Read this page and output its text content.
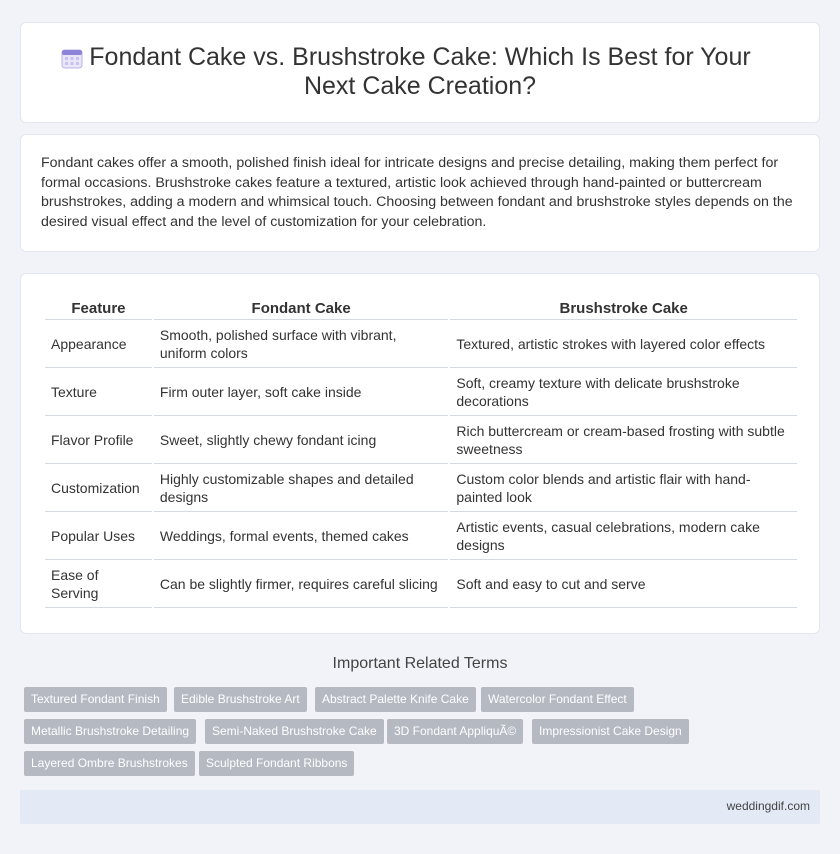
Fondant Cake vs. Brushstroke Cake: Which Is Best for Your Next Cake Creation?

Fondant cakes offer a smooth, polished finish ideal for intricate designs and precise detailing, making them perfect for formal occasions. Brushstroke cakes feature a textured, artistic look achieved through hand-painted or buttercream brushstrokes, adding a modern and whimsical touch. Choosing between fondant and brushstroke styles depends on the desired visual effect and the level of customization for your celebration.

Feature	Fondant Cake	Brushstroke Cake
Appearance	Smooth, polished surface with vibrant, uniform colors	Textured, artistic strokes with layered color effects
Texture	Firm outer layer, soft cake inside	Soft, creamy texture with delicate brushstroke decorations
Flavor Profile	Sweet, slightly chewy fondant icing	Rich buttercream or cream-based frosting with subtle sweetness
Customization	Highly customizable shapes and detailed designs	Custom color blends and artistic flair with hand-painted look
Popular Uses	Weddings, formal events, themed cakes	Artistic events, casual celebrations, modern cake designs
Ease of Serving	Can be slightly firmer, requires careful slicing	Soft and easy to cut and serve
Important Related Terms
Textured Fondant Finish	Edible Brushstroke Art	Abstract Palette Knife Cake	Watercolor Fondant Effect
Metallic Brushstroke Detailing	Semi-Naked Brushstroke Cake	3D Fondant AppliquÃ©	Impressionist Cake Design
Layered Ombre Brushstrokes	Sculpted Fondant Ribbons
weddingdif.com
